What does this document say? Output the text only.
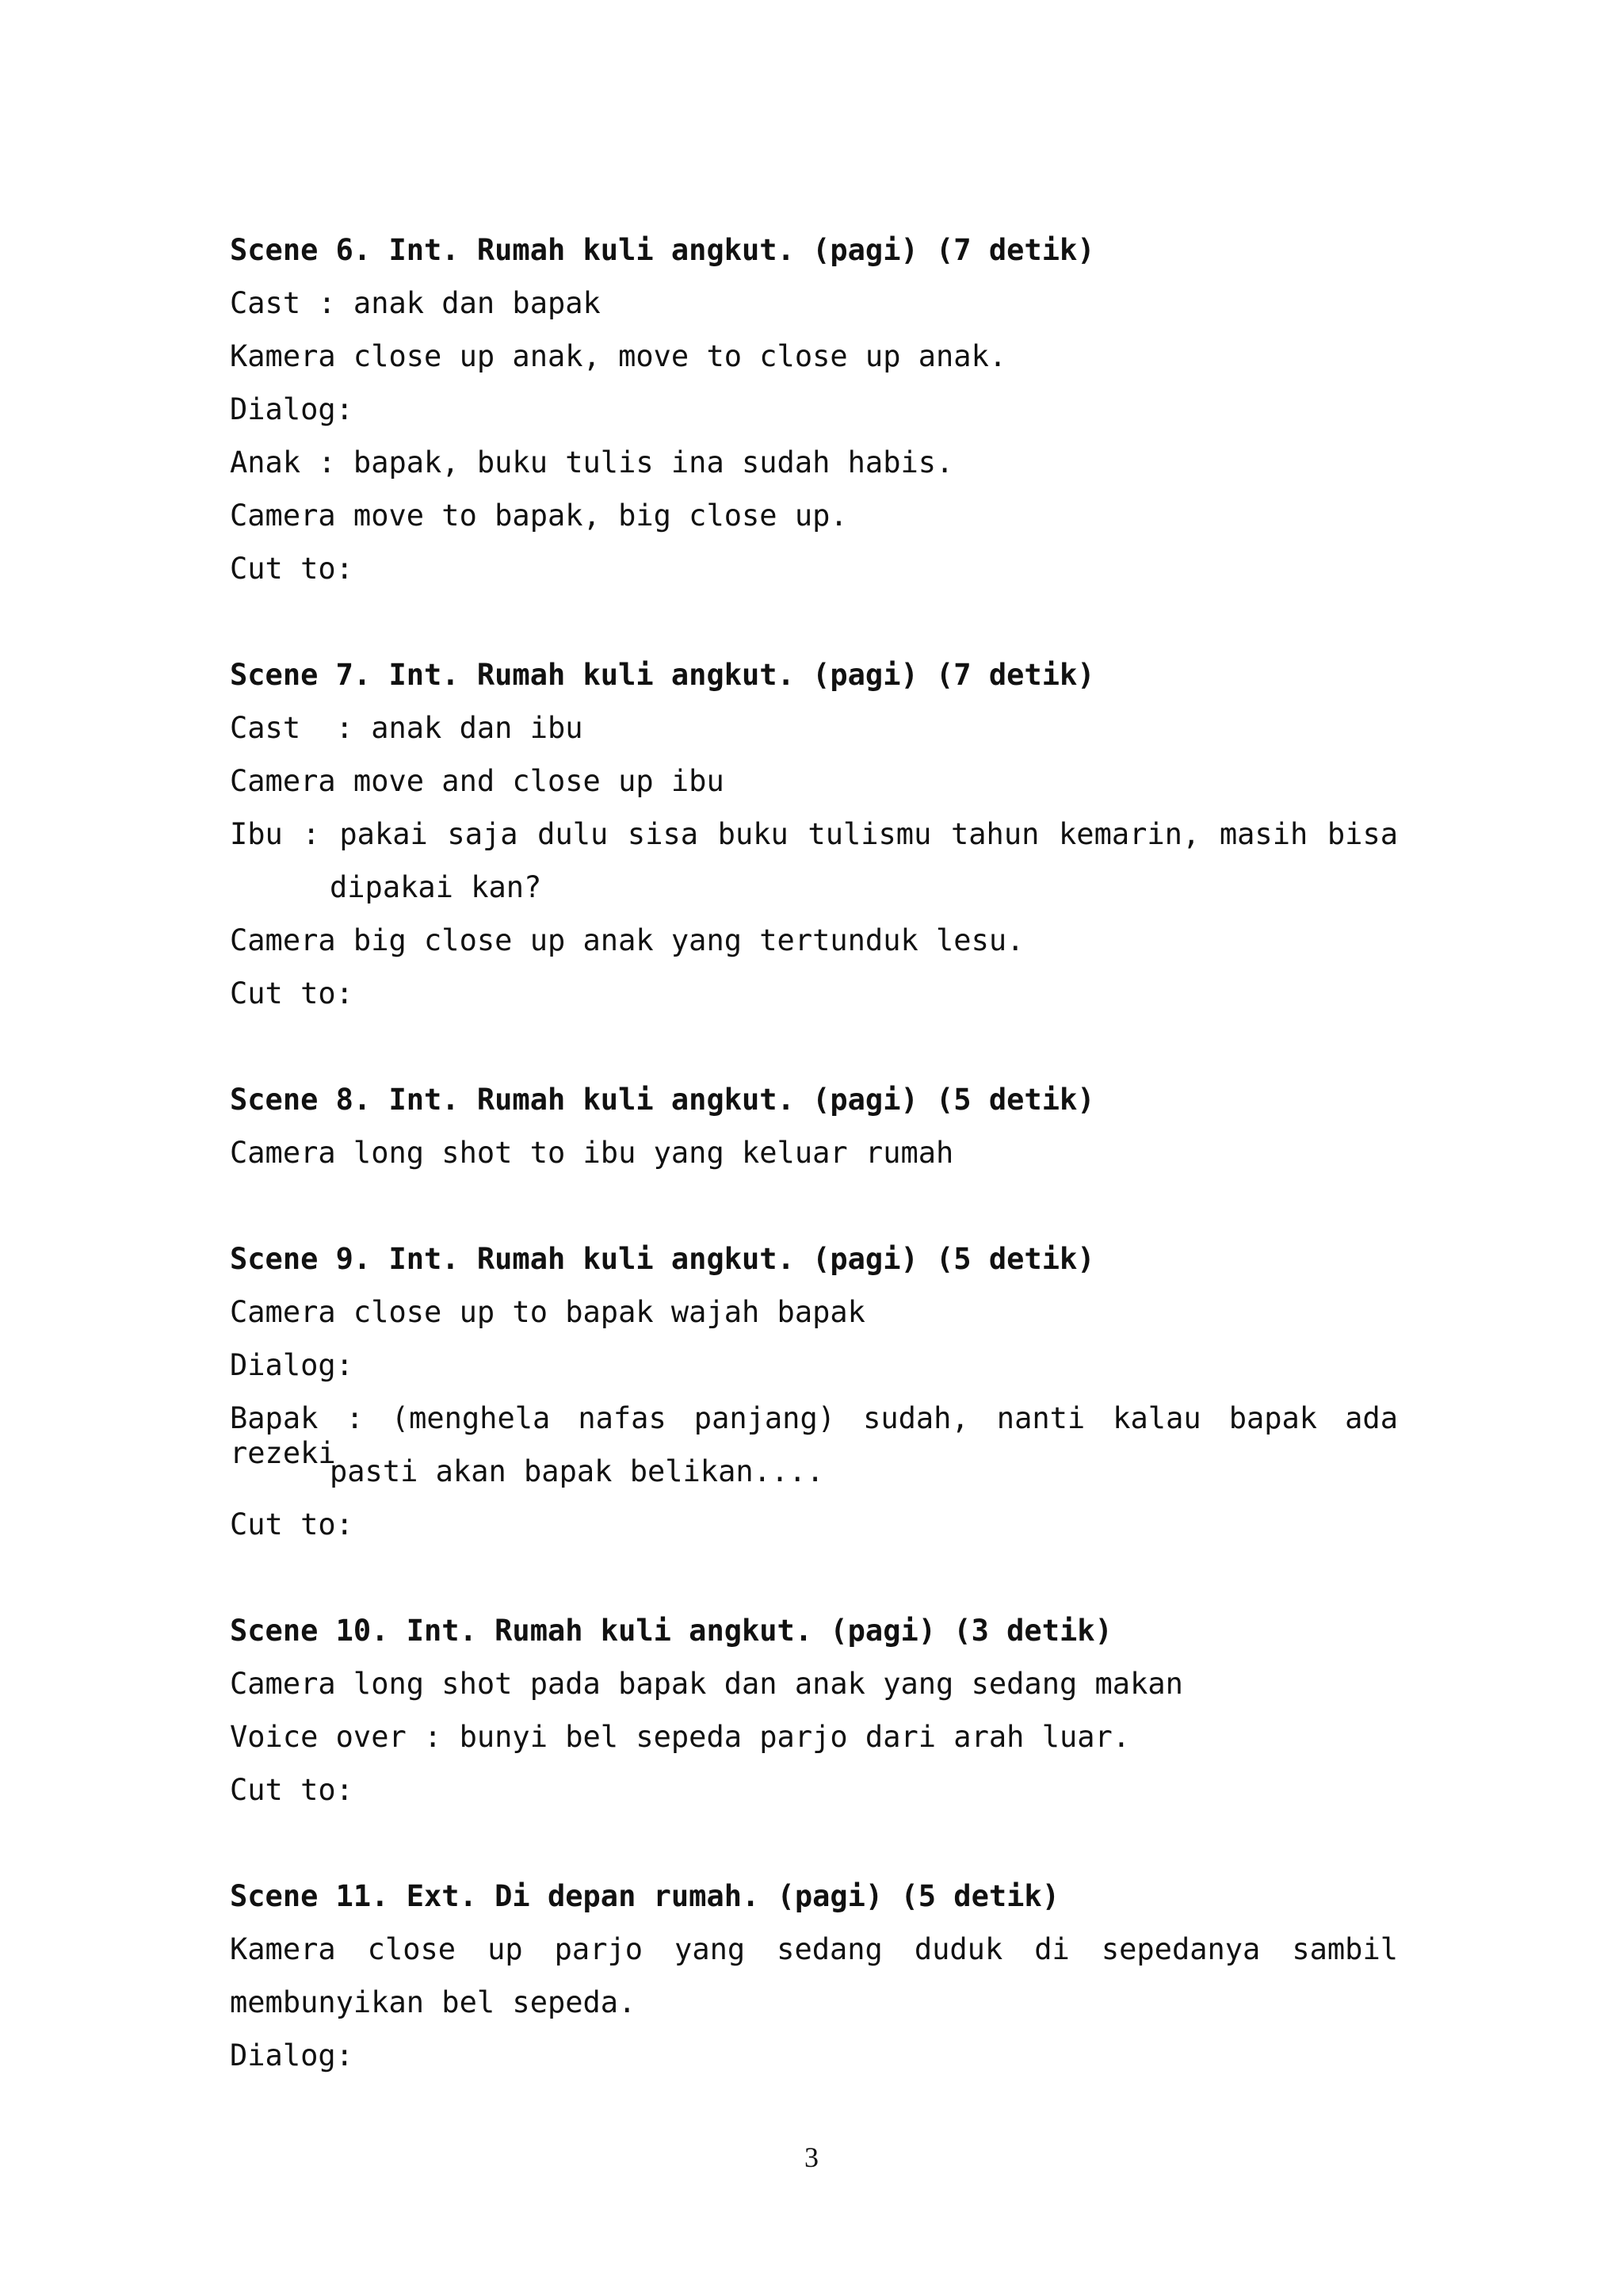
Scene 6. Int. Rumah kuli angkut. (pagi) (7 detik)
Cast : anak dan bapak
Kamera close up anak, move to close up anak.
Dialog:
Anak : bapak, buku tulis ina sudah habis.
Camera move to bapak, big close up.
Cut to:
Scene 7. Int. Rumah kuli angkut. (pagi) (7 detik)
Cast  : anak dan ibu
Camera move and close up ibu
Ibu : pakai saja dulu sisa buku tulismu tahun kemarin, masih bisa
dipakai kan?
Camera big close up anak yang tertunduk lesu.
Cut to:
Scene 8. Int. Rumah kuli angkut. (pagi) (5 detik)
Camera long shot to ibu yang keluar rumah
Scene 9. Int. Rumah kuli angkut. (pagi) (5 detik)
Camera close up to bapak wajah bapak
Dialog:
Bapak : (menghela nafas panjang) sudah, nanti kalau bapak ada rezeki
pasti akan bapak belikan....
Cut to:
Scene 10. Int. Rumah kuli angkut. (pagi) (3 detik)
Camera long shot pada bapak dan anak yang sedang makan
Voice over : bunyi bel sepeda parjo dari arah luar.
Cut to:
Scene 11. Ext. Di depan rumah. (pagi) (5 detik)
Kamera close up parjo yang sedang duduk di sepedanya sambil
membunyikan bel sepeda.
Dialog:
3
